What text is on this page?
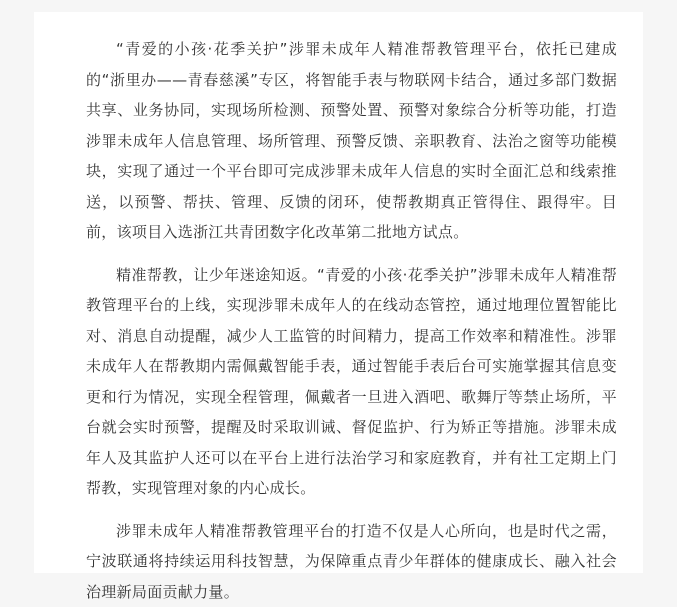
“青爱的小孩·花季关护”涉罪未成年人精准帮教管理平台，依托已建成的“浙里办——青春慈溪”专区，将智能手表与物联网卡结合，通过多部门数据共享、业务协同，实现场所检测、预警处置、预警对象综合分析等功能，打造涉罪未成年人信息管理、场所管理、预警反馈、亲职教育、法治之窗等功能模块，实现了通过一个平台即可完成涉罪未成年人信息的实时全面汇总和线索推送，以预警、帮扶、管理、反馈的闭环，使帮教期真正管得住、跟得牢。目前，该项目入选浙江共青团数字化改革第二批地方试点。

精准帮教，让少年迷途知返。“青爱的小孩·花季关护”涉罪未成年人精准帮教管理平台的上线，实现涉罪未成年人的在线动态管控，通过地理位置智能比对、消息自动提醒，减少人工监管的时间精力，提高工作效率和精准性。涉罪未成年人在帮教期内需佩戴智能手表，通过智能手表后台可实施掌握其信息变更和行为情况，实现全程管理，佩戴者一旦进入酒吧、歌舞厅等禁止场所，平台就会实时预警，提醒及时采取训诫、督促监护、行为矫正等措施。涉罪未成年人及其监护人还可以在平台上进行法治学习和家庭教育，并有社工定期上门帮教，实现管理对象的内心成长。

涉罪未成年人精准帮教管理平台的打造不仅是人心所向，也是时代之需，宁波联通将持续运用科技智慧，为保障重点青少年群体的健康成长、融入社会治理新局面贡献力量。
